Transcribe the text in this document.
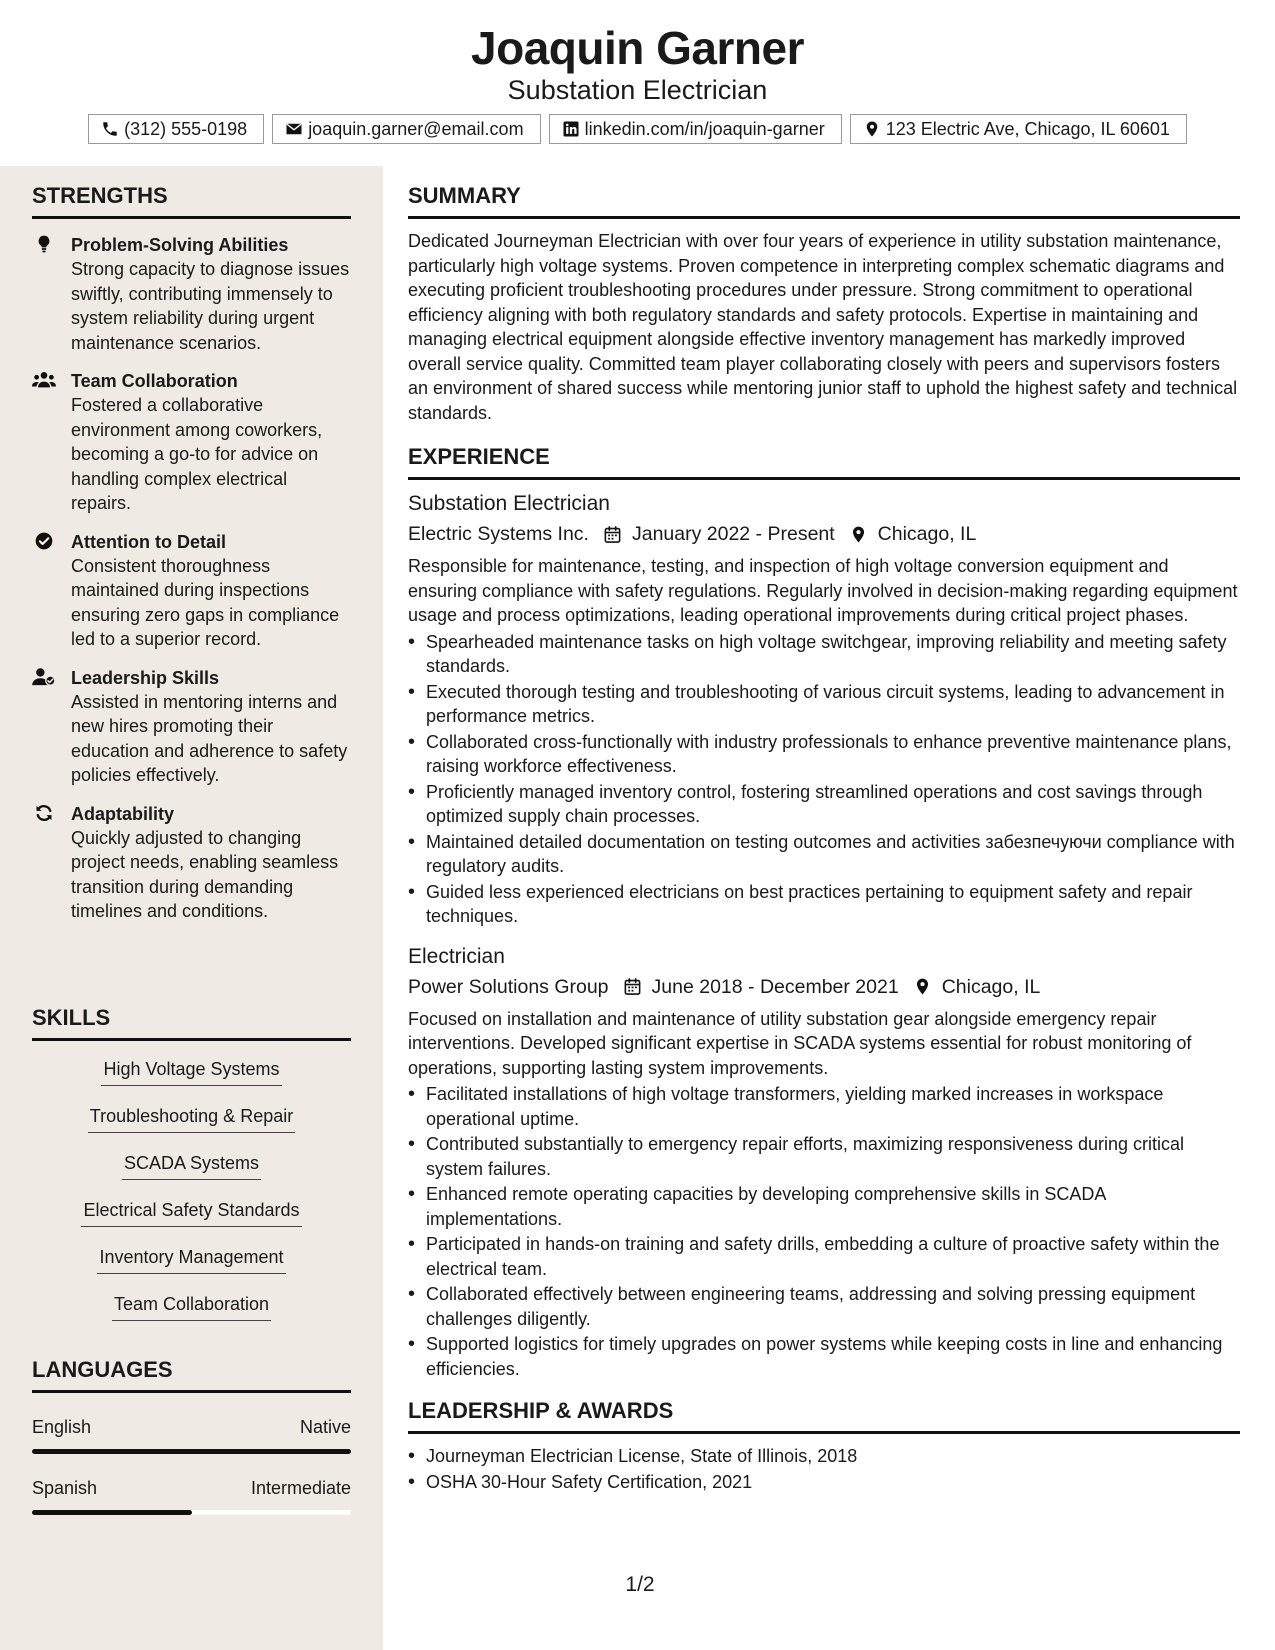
Joaquin Garner
Substation Electrician
(312) 555-0198	joaquin.garner@email.com	linkedin.com/in/joaquin-garner	123 Electric Ave, Chicago, IL 60601
STRENGTHS
Problem-Solving Abilities
Strong capacity to diagnose issues swiftly, contributing immensely to system reliability during urgent maintenance scenarios.
Team Collaboration
Fostered a collaborative environment among coworkers, becoming a go-to for advice on handling complex electrical repairs.
Attention to Detail
Consistent thoroughness maintained during inspections ensuring zero gaps in compliance led to a superior record.
Leadership Skills
Assisted in mentoring interns and new hires promoting their education and adherence to safety policies effectively.
Adaptability
Quickly adjusted to changing project needs, enabling seamless transition during demanding timelines and conditions.
SKILLS
High Voltage Systems
Troubleshooting & Repair
SCADA Systems
Electrical Safety Standards
Inventory Management
Team Collaboration
LANGUAGES
English	Native
Spanish	Intermediate
SUMMARY
Dedicated Journeyman Electrician with over four years of experience in utility substation maintenance, particularly high voltage systems. Proven competence in interpreting complex schematic diagrams and executing proficient troubleshooting procedures under pressure. Strong commitment to operational efficiency aligning with both regulatory standards and safety protocols. Expertise in maintaining and managing electrical equipment alongside effective inventory management has markedly improved overall service quality. Committed team player collaborating closely with peers and supervisors fosters an environment of shared success while mentoring junior staff to uphold the highest safety and technical standards.
EXPERIENCE
Substation Electrician
Electric Systems Inc. January 2022 - Present Chicago, IL
Responsible for maintenance, testing, and inspection of high voltage conversion equipment and ensuring compliance with safety regulations. Regularly involved in decision-making regarding equipment usage and process optimizations, leading operational improvements during critical project phases.
• Spearheaded maintenance tasks on high voltage switchgear, improving reliability and meeting safety standards.
• Executed thorough testing and troubleshooting of various circuit systems, leading to advancement in performance metrics.
• Collaborated cross-functionally with industry professionals to enhance preventive maintenance plans, raising workforce effectiveness.
• Proficiently managed inventory control, fostering streamlined operations and cost savings through optimized supply chain processes.
• Maintained detailed documentation on testing outcomes and activities забезпечуючи compliance with regulatory audits.
• Guided less experienced electricians on best practices pertaining to equipment safety and repair techniques.
Electrician
Power Solutions Group June 2018 - December 2021 Chicago, IL
Focused on installation and maintenance of utility substation gear alongside emergency repair interventions. Developed significant expertise in SCADA systems essential for robust monitoring of operations, supporting lasting system improvements.
• Facilitated installations of high voltage transformers, yielding marked increases in workspace operational uptime.
• Contributed substantially to emergency repair efforts, maximizing responsiveness during critical system failures.
• Enhanced remote operating capacities by developing comprehensive skills in SCADA implementations.
• Participated in hands-on training and safety drills, embedding a culture of proactive safety within the electrical team.
• Collaborated effectively between engineering teams, addressing and solving pressing equipment challenges diligently.
• Supported logistics for timely upgrades on power systems while keeping costs in line and enhancing efficiencies.
LEADERSHIP & AWARDS
• Journeyman Electrician License, State of Illinois, 2018
• OSHA 30-Hour Safety Certification, 2021
1/2
